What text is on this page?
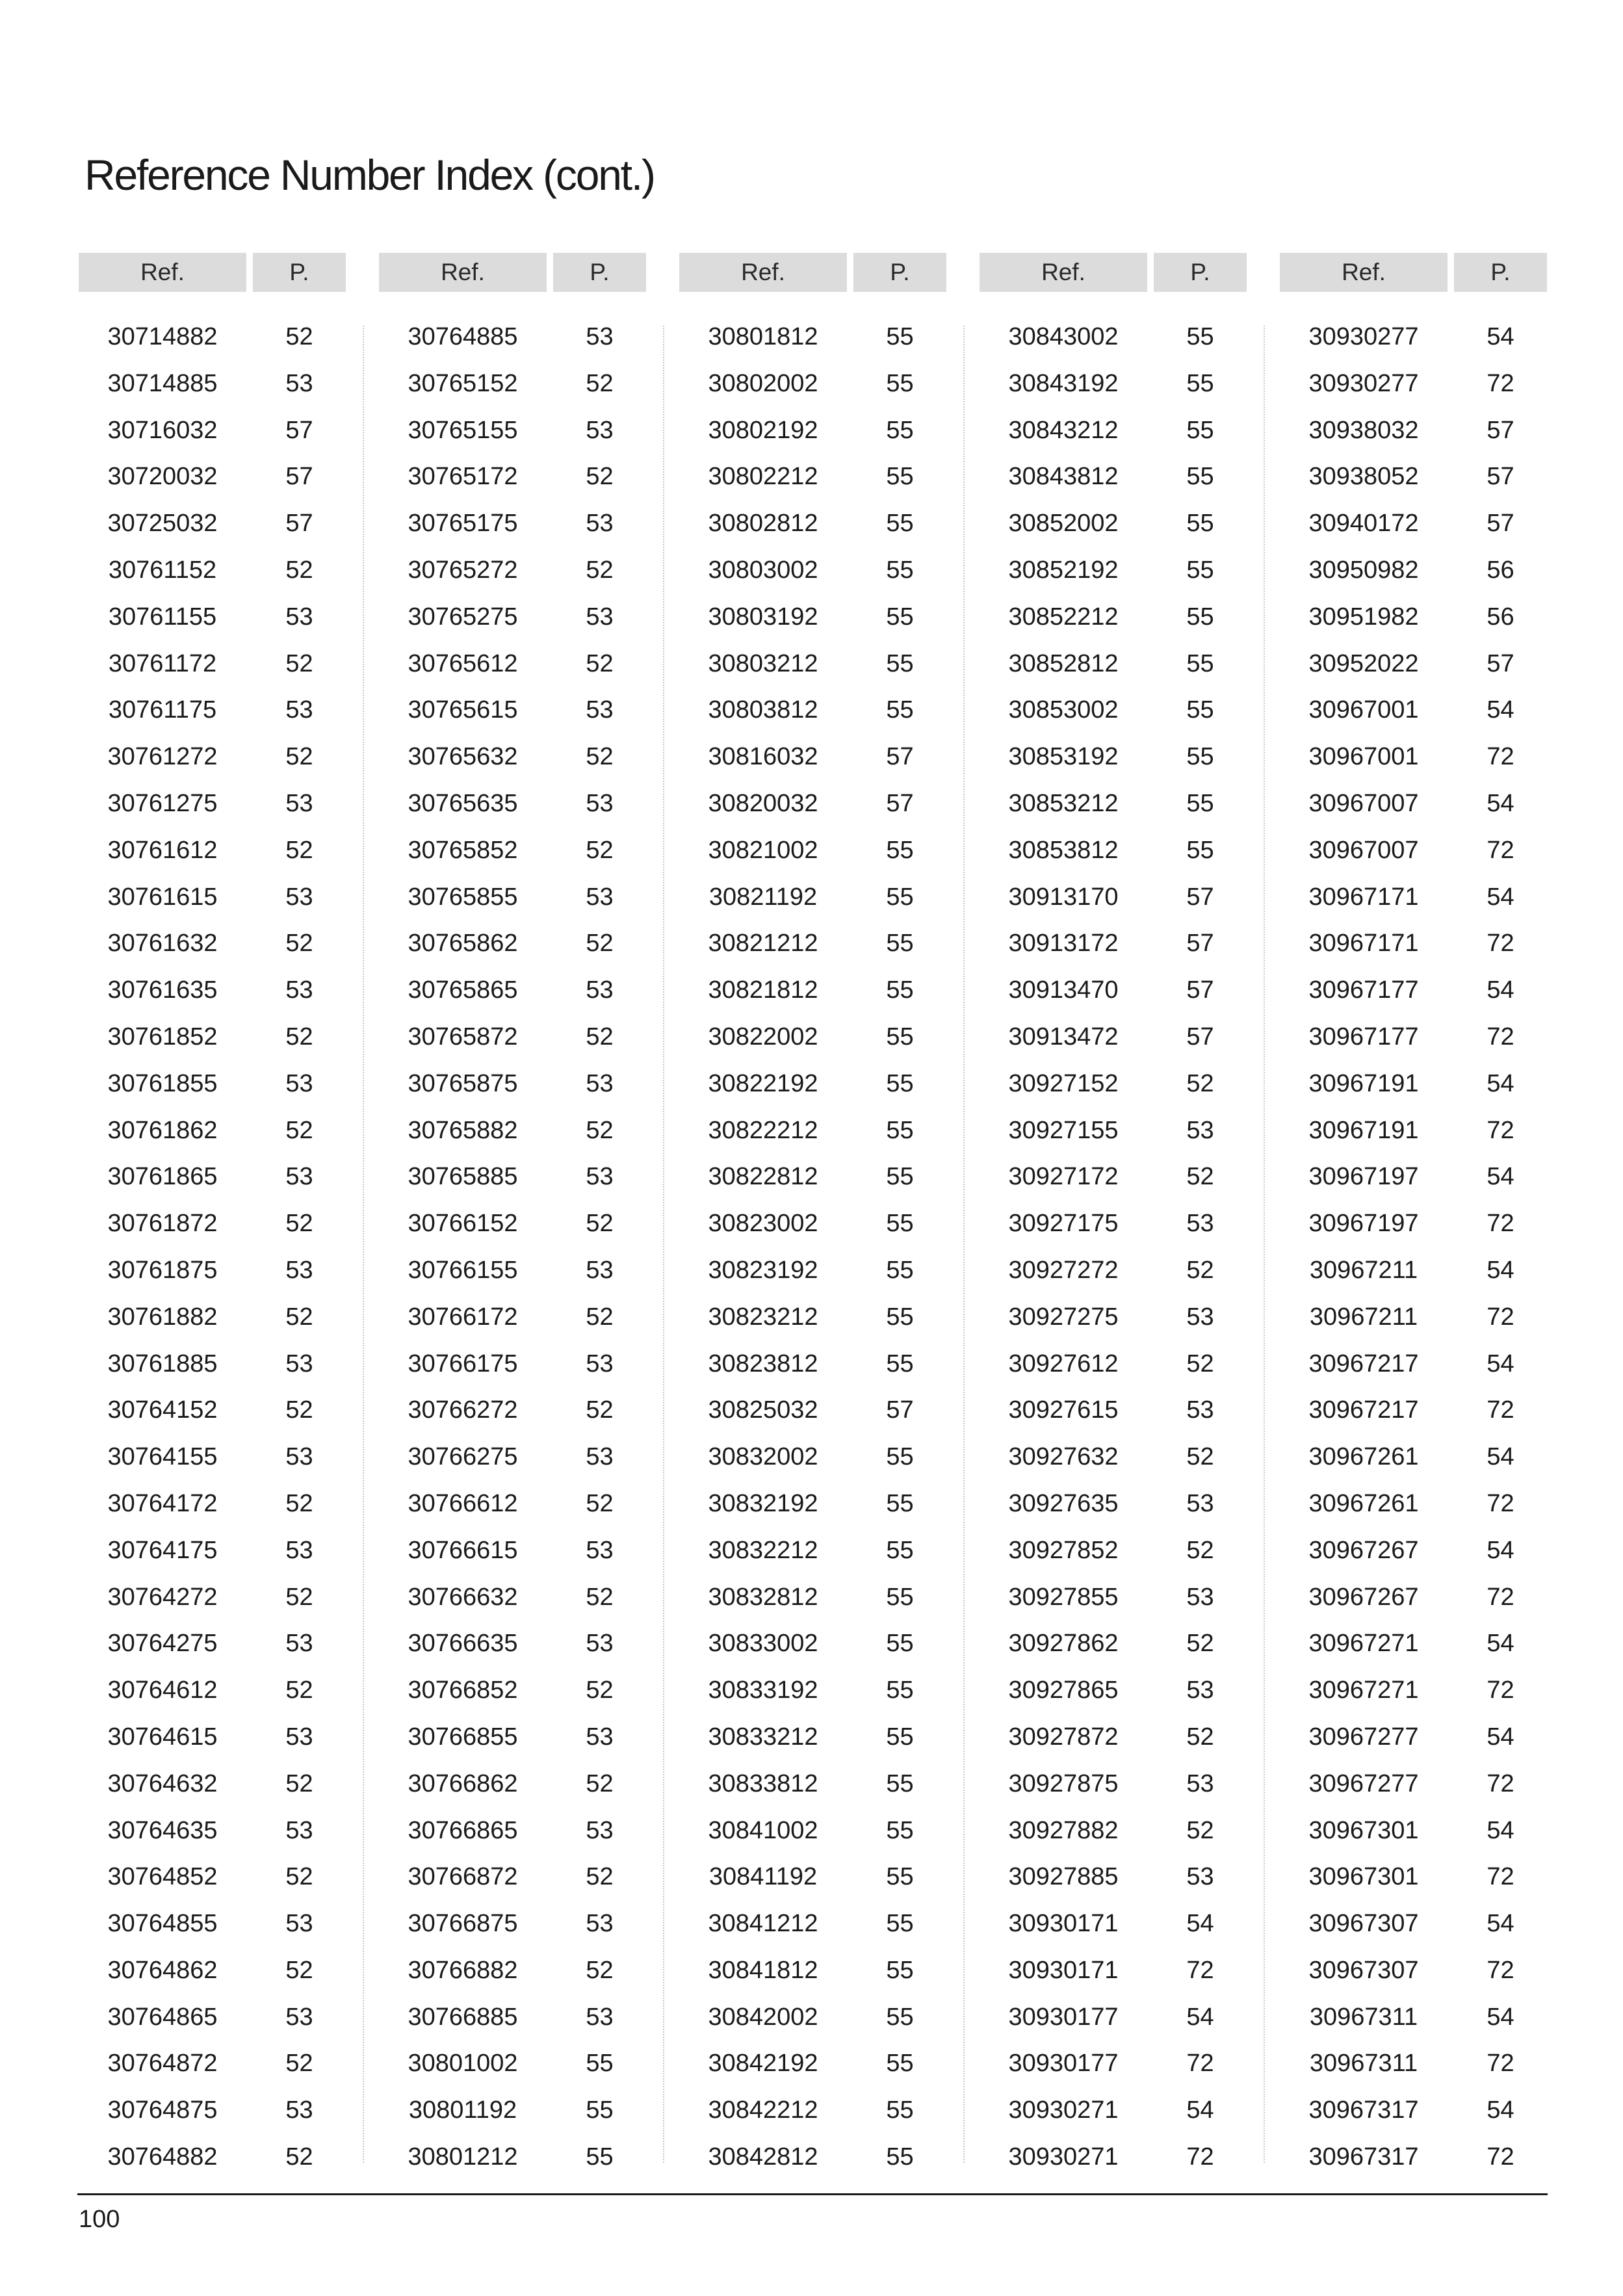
Reference Number Index (cont.)
Ref.	P.
30714882	52
30714885	53
30716032	57
30720032	57
30725032	57
30761152	52
30761155	53
30761172	52
30761175	53
30761272	52
30761275	53
30761612	52
30761615	53
30761632	52
30761635	53
30761852	52
30761855	53
30761862	52
30761865	53
30761872	52
30761875	53
30761882	52
30761885	53
30764152	52
30764155	53
30764172	52
30764175	53
30764272	52
30764275	53
30764612	52
30764615	53
30764632	52
30764635	53
30764852	52
30764855	53
30764862	52
30764865	53
30764872	52
30764875	53
30764882	52
Ref.	P.
30764885	53
30765152	52
30765155	53
30765172	52
30765175	53
30765272	52
30765275	53
30765612	52
30765615	53
30765632	52
30765635	53
30765852	52
30765855	53
30765862	52
30765865	53
30765872	52
30765875	53
30765882	52
30765885	53
30766152	52
30766155	53
30766172	52
30766175	53
30766272	52
30766275	53
30766612	52
30766615	53
30766632	52
30766635	53
30766852	52
30766855	53
30766862	52
30766865	53
30766872	52
30766875	53
30766882	52
30766885	53
30801002	55
30801192	55
30801212	55
Ref.	P.
30801812	55
30802002	55
30802192	55
30802212	55
30802812	55
30803002	55
30803192	55
30803212	55
30803812	55
30816032	57
30820032	57
30821002	55
30821192	55
30821212	55
30821812	55
30822002	55
30822192	55
30822212	55
30822812	55
30823002	55
30823192	55
30823212	55
30823812	55
30825032	57
30832002	55
30832192	55
30832212	55
30832812	55
30833002	55
30833192	55
30833212	55
30833812	55
30841002	55
30841192	55
30841212	55
30841812	55
30842002	55
30842192	55
30842212	55
30842812	55
Ref.	P.
30843002	55
30843192	55
30843212	55
30843812	55
30852002	55
30852192	55
30852212	55
30852812	55
30853002	55
30853192	55
30853212	55
30853812	55
30913170	57
30913172	57
30913470	57
30913472	57
30927152	52
30927155	53
30927172	52
30927175	53
30927272	52
30927275	53
30927612	52
30927615	53
30927632	52
30927635	53
30927852	52
30927855	53
30927862	52
30927865	53
30927872	52
30927875	53
30927882	52
30927885	53
30930171	54
30930171	72
30930177	54
30930177	72
30930271	54
30930271	72
Ref.	P.
30930277	54
30930277	72
30938032	57
30938052	57
30940172	57
30950982	56
30951982	56
30952022	57
30967001	54
30967001	72
30967007	54
30967007	72
30967171	54
30967171	72
30967177	54
30967177	72
30967191	54
30967191	72
30967197	54
30967197	72
30967211	54
30967211	72
30967217	54
30967217	72
30967261	54
30967261	72
30967267	54
30967267	72
30967271	54
30967271	72
30967277	54
30967277	72
30967301	54
30967301	72
30967307	54
30967307	72
30967311	54
30967311	72
30967317	54
30967317	72
100
